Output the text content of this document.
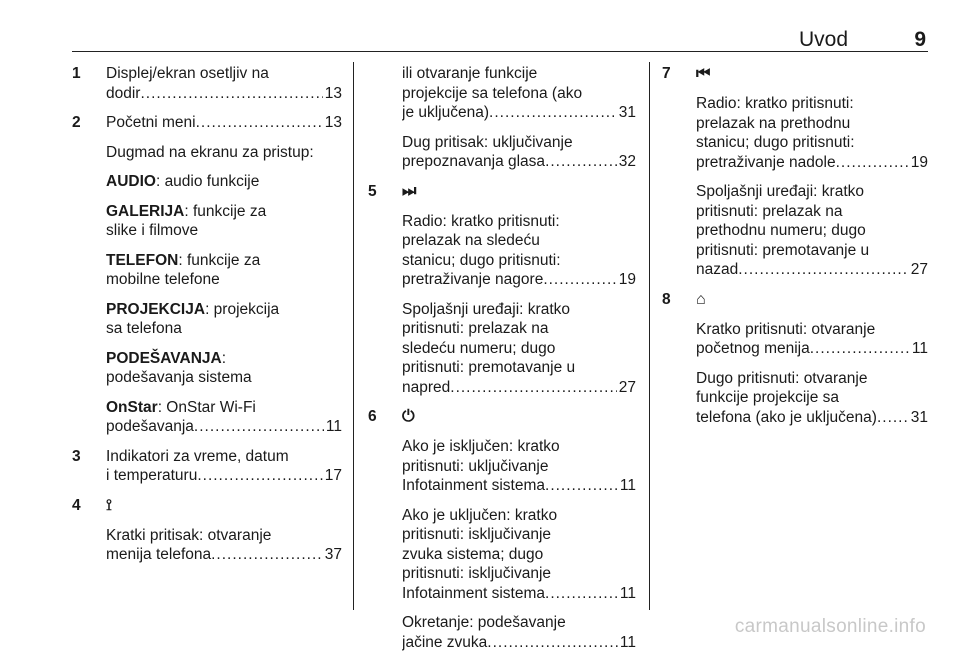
Uvod	9
1 Displej/ekran osetljiv na
dodir .....	13
2 Početni meni .....	13
Dugmad na ekranu za pristup:
AUDIO: audio funkcije
GALERIJA: funkcije za
slike i filmove
TELEFON: funkcije za
mobilne telefone
PROJEKCIJA: projekcija
sa telefona
PODEŠAVANJA:
podešavanja sistema
OnStar: OnStar Wi-Fi
podešavanja .....	11
3 Indikatori za vreme, datum
i temperaturu .....	17
4 ⟟
Kratki pritisak: otvaranje
menija telefona .....	37
ili otvaranje funkcije
projekcije sa telefona (ako
je uključena) .....	31
Dug pritisak: uključivanje
prepoznavanja glasa .....	32
5 ⏭
Radio: kratko pritisnuti:
prelazak na sledeću
stanicu; dugo pritisnuti:
pretraživanje nagore .....	19
Spoljašnji uređaji: kratko
pritisnuti: prelazak na
sledeću numeru; dugo
pritisnuti: premotavanje u
napred .....	27
6 ⏻
Ako je isključen: kratko
pritisnuti: uključivanje
Infotainment sistema .....	11
Ako je uključen: kratko
pritisnuti: isključivanje
zvuka sistema; dugo
pritisnuti: isključivanje
Infotainment sistema .....	11
Okretanje: podešavanje
jačine zvuka .....	11
7 ⏮
Radio: kratko pritisnuti:
prelazak na prethodnu
stanicu; dugo pritisnuti:
pretraživanje nadole .....	19
Spoljašnji uređaji: kratko
pritisnuti: prelazak na
prethodnu numeru; dugo
pritisnuti: premotavanje u
nazad .....	27
8 ⌂
Kratko pritisnuti: otvaranje
početnog menija .....	11
Dugo pritisnuti: otvaranje
funkcije projekcije sa
telefona (ako je uključena) ..... 31
carmanualsonline.info
